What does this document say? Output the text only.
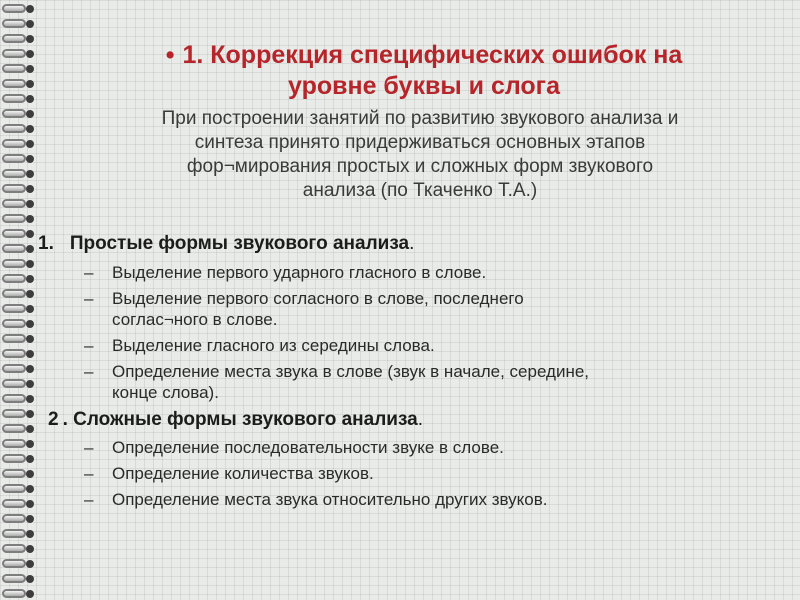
• 1. Коррекция специфических ошибок на
уровне буквы и слога
При построении занятий по развитию звукового анализа и
синтеза принято придерживаться основных этапов
фор¬мирования простых и сложных форм звукового
анализа (по Ткаченко Т.А.)
1. Простые формы звукового анализа.
– Выделение первого ударного гласного в слове.
– Выделение первого согласного в слове, последнего
соглас¬ного в слове.
– Выделение гласного из середины слова.
– Определение места звука в слове (звук в начале, середине,
конце слова).
2 . Сложные формы звукового анализа.
– Определение последовательности звуке в слове.
– Определение количества звуков.
– Определение места звука относительно других звуков.
